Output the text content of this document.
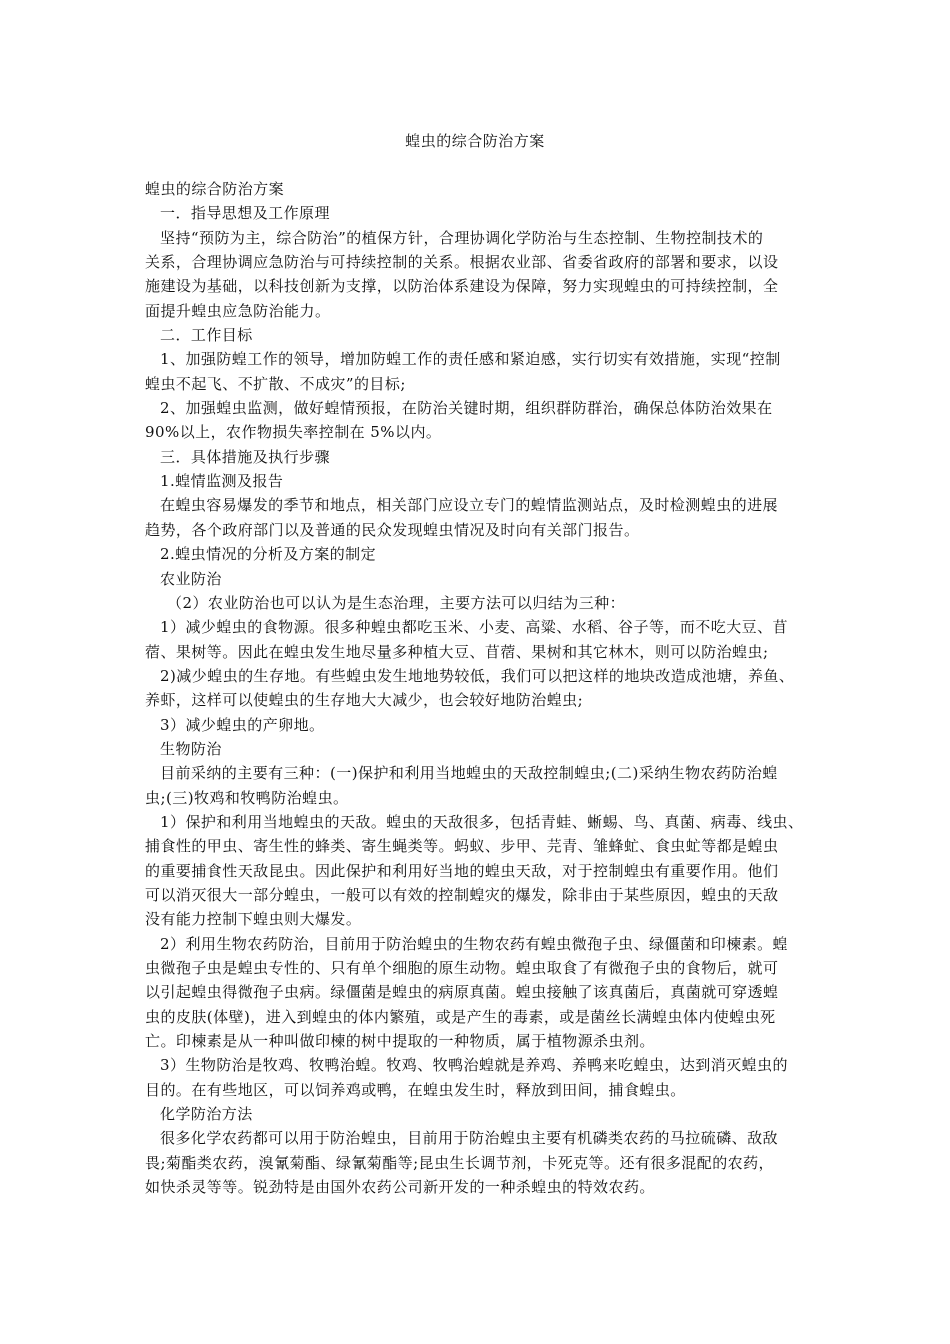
蝗虫的综合防治方案

蝗虫的综合防治方案

一．指导思想及工作原理

坚持“预防为主，综合防治”的植保方针，合理协调化学防治与生态控制、生物控制技术的

关系，合理协调应急防治与可持续控制的关系。根据农业部、省委省政府的部署和要求，以设

施建设为基础，以科技创新为支撑，以防治体系建设为保障，努力实现蝗虫的可持续控制，全

面提升蝗虫应急防治能力。

二．工作目标

1、加强防蝗工作的领导，增加防蝗工作的责任感和紧迫感，实行切实有效措施，实现“控制

蝗虫不起飞、不扩散、不成灾”的目标;

2、加强蝗虫监测，做好蝗情预报，在防治关键时期，组织群防群治，确保总体防治效果在

90%以上，农作物损失率控制在 5%以内。

三．具体措施及执行步骤

1.蝗情监测及报告

在蝗虫容易爆发的季节和地点，相关部门应设立专门的蝗情监测站点，及时检测蝗虫的进展

趋势，各个政府部门以及普通的民众发现蝗虫情况及时向有关部门报告。

2.蝗虫情况的分析及方案的制定

农业防治

（2）农业防治也可以认为是生态治理，主要方法可以归结为三种：

1）减少蝗虫的食物源。很多种蝗虫都吃玉米、小麦、高粱、水稻、谷子等，而不吃大豆、苜

蓿、果树等。因此在蝗虫发生地尽量多种植大豆、苜蓿、果树和其它林木，则可以防治蝗虫;

2)减少蝗虫的生存地。有些蝗虫发生地地势较低，我们可以把这样的地块改造成池塘，养鱼、

养虾，这样可以使蝗虫的生存地大大减少，也会较好地防治蝗虫;

3）减少蝗虫的产卵地。

生物防治

目前采纳的主要有三种：(一)保护和利用当地蝗虫的天敌控制蝗虫;(二)采纳生物农药防治蝗

虫;(三)牧鸡和牧鸭防治蝗虫。

1）保护和利用当地蝗虫的天敌。蝗虫的天敌很多，包括青蛙、蜥蜴、鸟、真菌、病毒、线虫、

捕食性的甲虫、寄生性的蜂类、寄生蝇类等。蚂蚁、步甲、芫青、雏蜂虻、食虫虻等都是蝗虫

的重要捕食性天敌昆虫。因此保护和利用好当地的蝗虫天敌，对于控制蝗虫有重要作用。他们

可以消灭很大一部分蝗虫，一般可以有效的控制蝗灾的爆发，除非由于某些原因，蝗虫的天敌

没有能力控制下蝗虫则大爆发。

2）利用生物农药防治，目前用于防治蝗虫的生物农药有蝗虫微孢子虫、绿僵菌和印楝素。蝗

虫微孢子虫是蝗虫专性的、只有单个细胞的原生动物。蝗虫取食了有微孢子虫的食物后，就可

以引起蝗虫得微孢子虫病。绿僵菌是蝗虫的病原真菌。蝗虫接触了该真菌后，真菌就可穿透蝗

虫的皮肤(体壁)，进入到蝗虫的体内繁殖，或是产生的毒素，或是菌丝长满蝗虫体内使蝗虫死

亡。印楝素是从一种叫做印楝的树中提取的一种物质，属于植物源杀虫剂。

3）生物防治是牧鸡、牧鸭治蝗。牧鸡、牧鸭治蝗就是养鸡、养鸭来吃蝗虫，达到消灭蝗虫的

目的。在有些地区，可以饲养鸡或鸭，在蝗虫发生时，释放到田间，捕食蝗虫。

化学防治方法

很多化学农药都可以用于防治蝗虫，目前用于防治蝗虫主要有机磷类农药的马拉硫磷、敌敌

畏;菊酯类农药，溴氰菊酯、绿氰菊酯等;昆虫生长调节剂，卡死克等。还有很多混配的农药，

如快杀灵等等。锐劲特是由国外农药公司新开发的一种杀蝗虫的特效农药。
